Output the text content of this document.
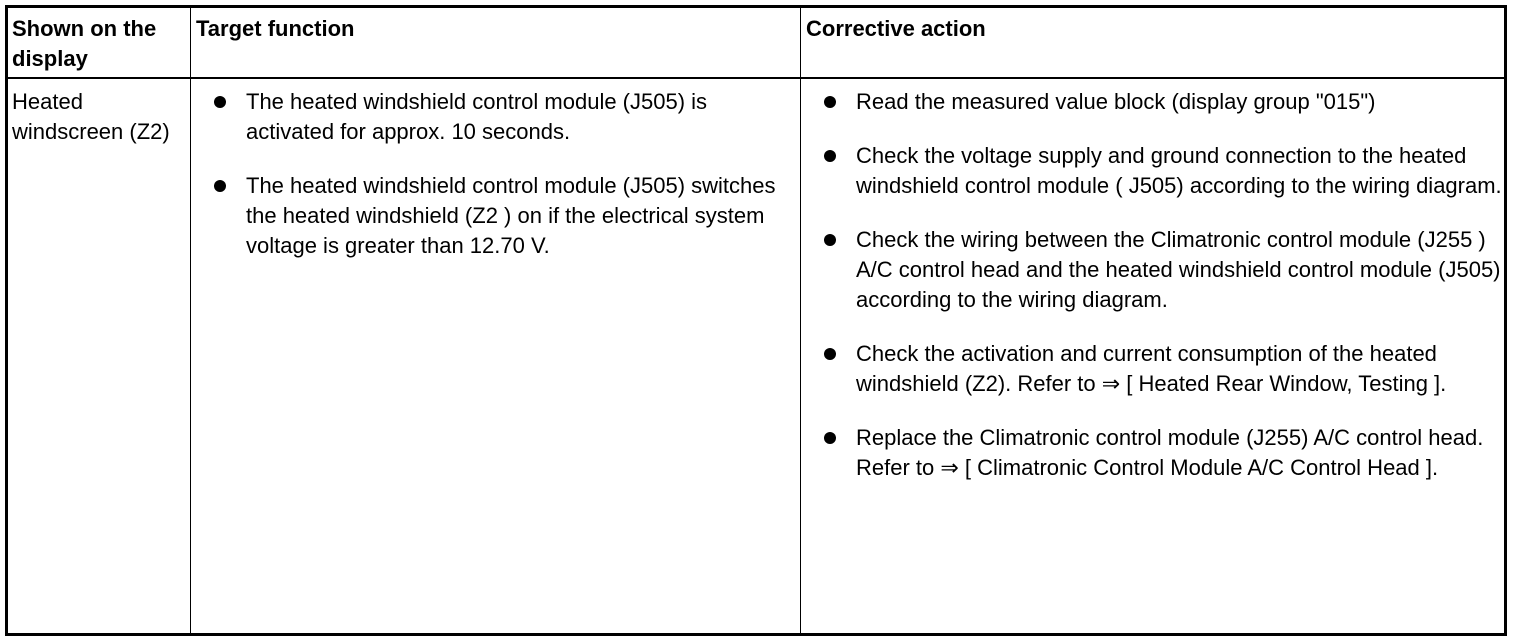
Shown on the display
Target function	Corrective action
Heated windscreen (Z2)
The heated windshield control module (J505) is activated for approx. 10 seconds.
The heated windshield control module (J505) switches the heated windshield (Z2 ) on if the electrical system voltage is greater than 12.70 V.
Read the measured value block (display group "015")
Check the voltage supply and ground connection to the heated windshield control module ( J505) according to the wiring diagram.
Check the wiring between the Climatronic control module (J255 ) A/C control head and the heated windshield control module (J505) according to the wiring diagram.
Check the activation and current consumption of the heated windshield (Z2). Refer to ⇒ [ Heated Rear Window, Testing ].
Replace the Climatronic control module (J255) A/C control head. Refer to ⇒ [ Climatronic Control Module A/C Control Head ].
